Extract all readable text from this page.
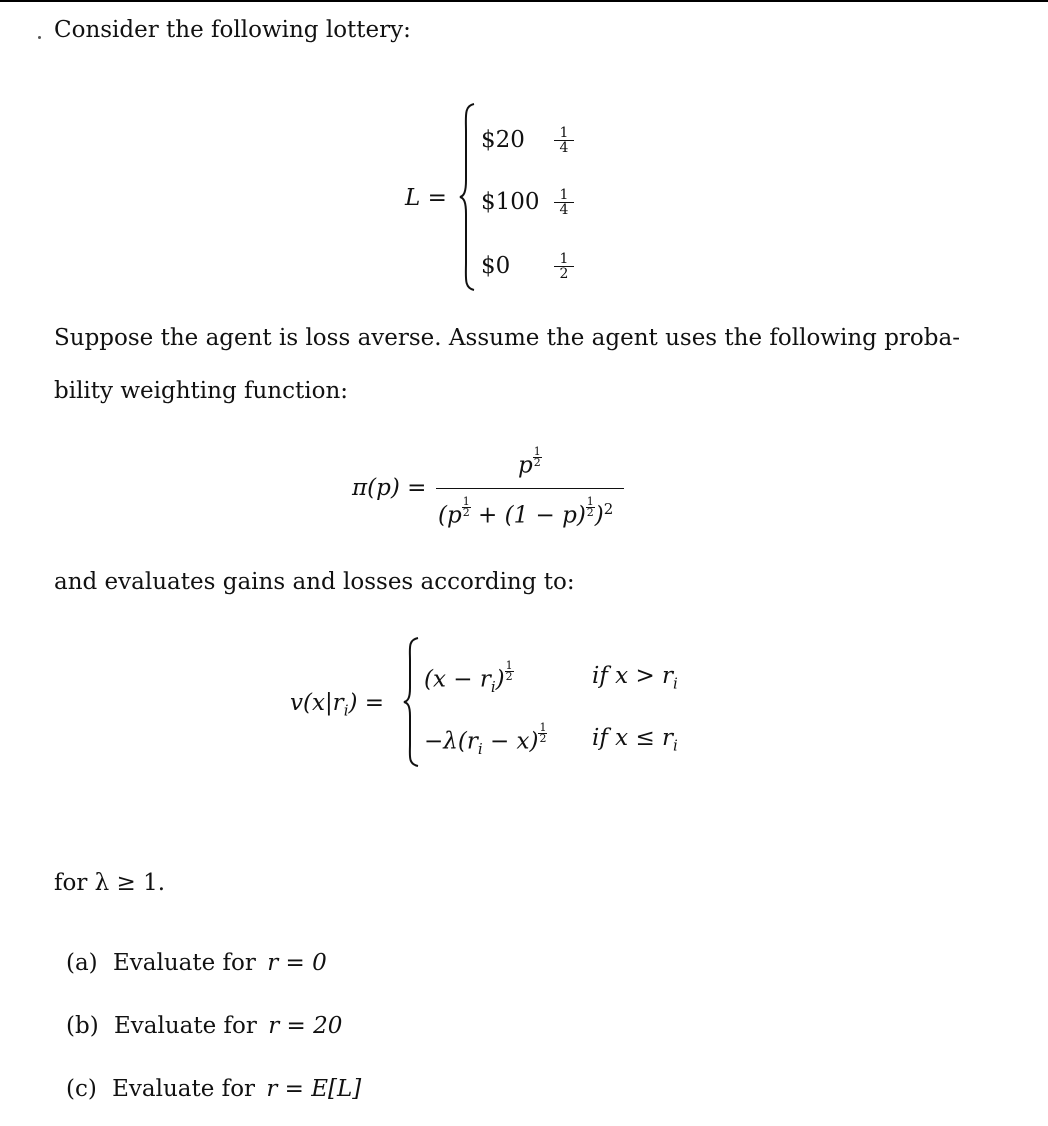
Consider the following lottery:
L =
$20 $\frac{1}{4}$
$100 $\frac{1}{4}$
$0	$\frac{1}{2}$
Suppose the agent is loss averse. Assume the agent uses the following proba-
bility weighting function:
π(p) =
p $\frac{1}{2}$
$(p \frac{1}{2} + (1 - p) \frac{1}{2} )^2$
and evaluates gains and losses according to:
$v(x|r_i)$ =
$(x - r_i) \frac{1}{2}$	if $x > r_i$
$-\lambda(r_i - x) \frac{1}{2}$ if $x \le r_i$
for λ ≥ 1.
(a) Evaluate for r = 0
(b) Evaluate for r = 20
(c) Evaluate for r = E[L]
